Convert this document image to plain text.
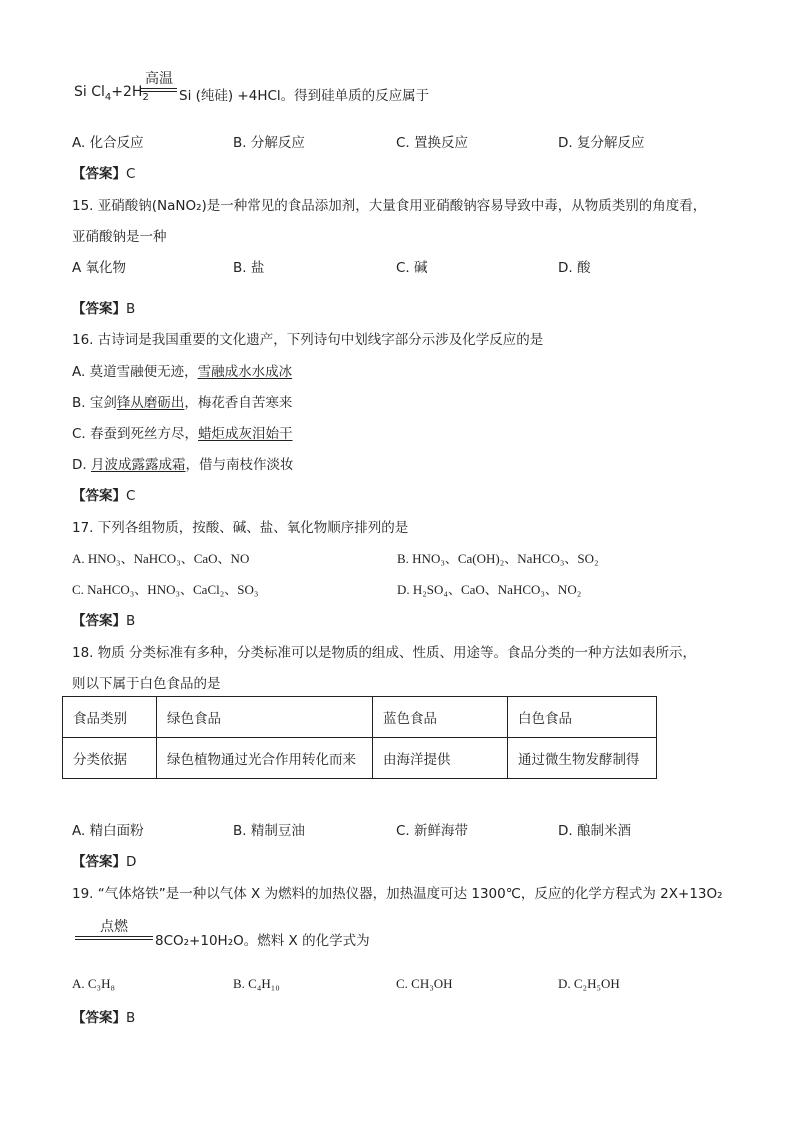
Si $Cl_4+2H_2$
高温
Si (纯硅) +4HCl。得到硅单质的反应属于
A. 化合反应	B. 分解反应	C. 置换反应	D. 复分解反应
【答案】C
15. 亚硝酸钠(NaNO₂)是一种常见的食品添加剂，大量食用亚硝酸钠容易导致中毒，从物质类别的角度看，
亚硝酸钠是一种
A 氧化物	B. 盐	C. 碱	D. 酸
【答案】B
16. 古诗词是我国重要的文化遗产，下列诗句中划线字部分示涉及化学反应的是
A. 莫道雪融便无迹，雪融成水水成冰
B. 宝剑锋从磨砺出，梅花香自苦寒来
C. 春蚕到死丝方尽，蜡炬成灰泪始干
D. 月波成露露成霜，借与南枝作淡妆
【答案】C
17. 下列各组物质，按酸、碱、盐、氧化物顺序排列的是
A. HNO₃、NaHCO₃、CaO、NO	B. HNO₃、Ca(OH)₂、NaHCO₃、SO₂
C. NaHCO₃、HNO₃、CaCl₂、SO₃	D. H₂SO₄、CaO、NaHCO₃、NO₂
【答案】B
18. 物质 分类标准有多种，分类标准可以是物质的组成、性质、用途等。食品分类的一种方法如表所示，
则以下属于白色食品的是
食品类别	绿色食品	蓝色食品	白色食品
分类依据	绿色植物通过光合作用转化而来	由海洋提供	通过微生物发酵制得
A. 精白面粉	B. 精制豆油	C. 新鲜海带	D. 酿制米酒
【答案】D
19. “气体烙铁”是一种以气体 X 为燃料的加热仪器，加热温度可达 1300℃，反应的化学方程式为 2X+13O₂
点燃
8CO₂+10H₂O。燃料 X 的化学式为
A. C₃H₈	B. C₄H₁₀	C. CH₃OH	D. C₂H₅OH
【答案】B
